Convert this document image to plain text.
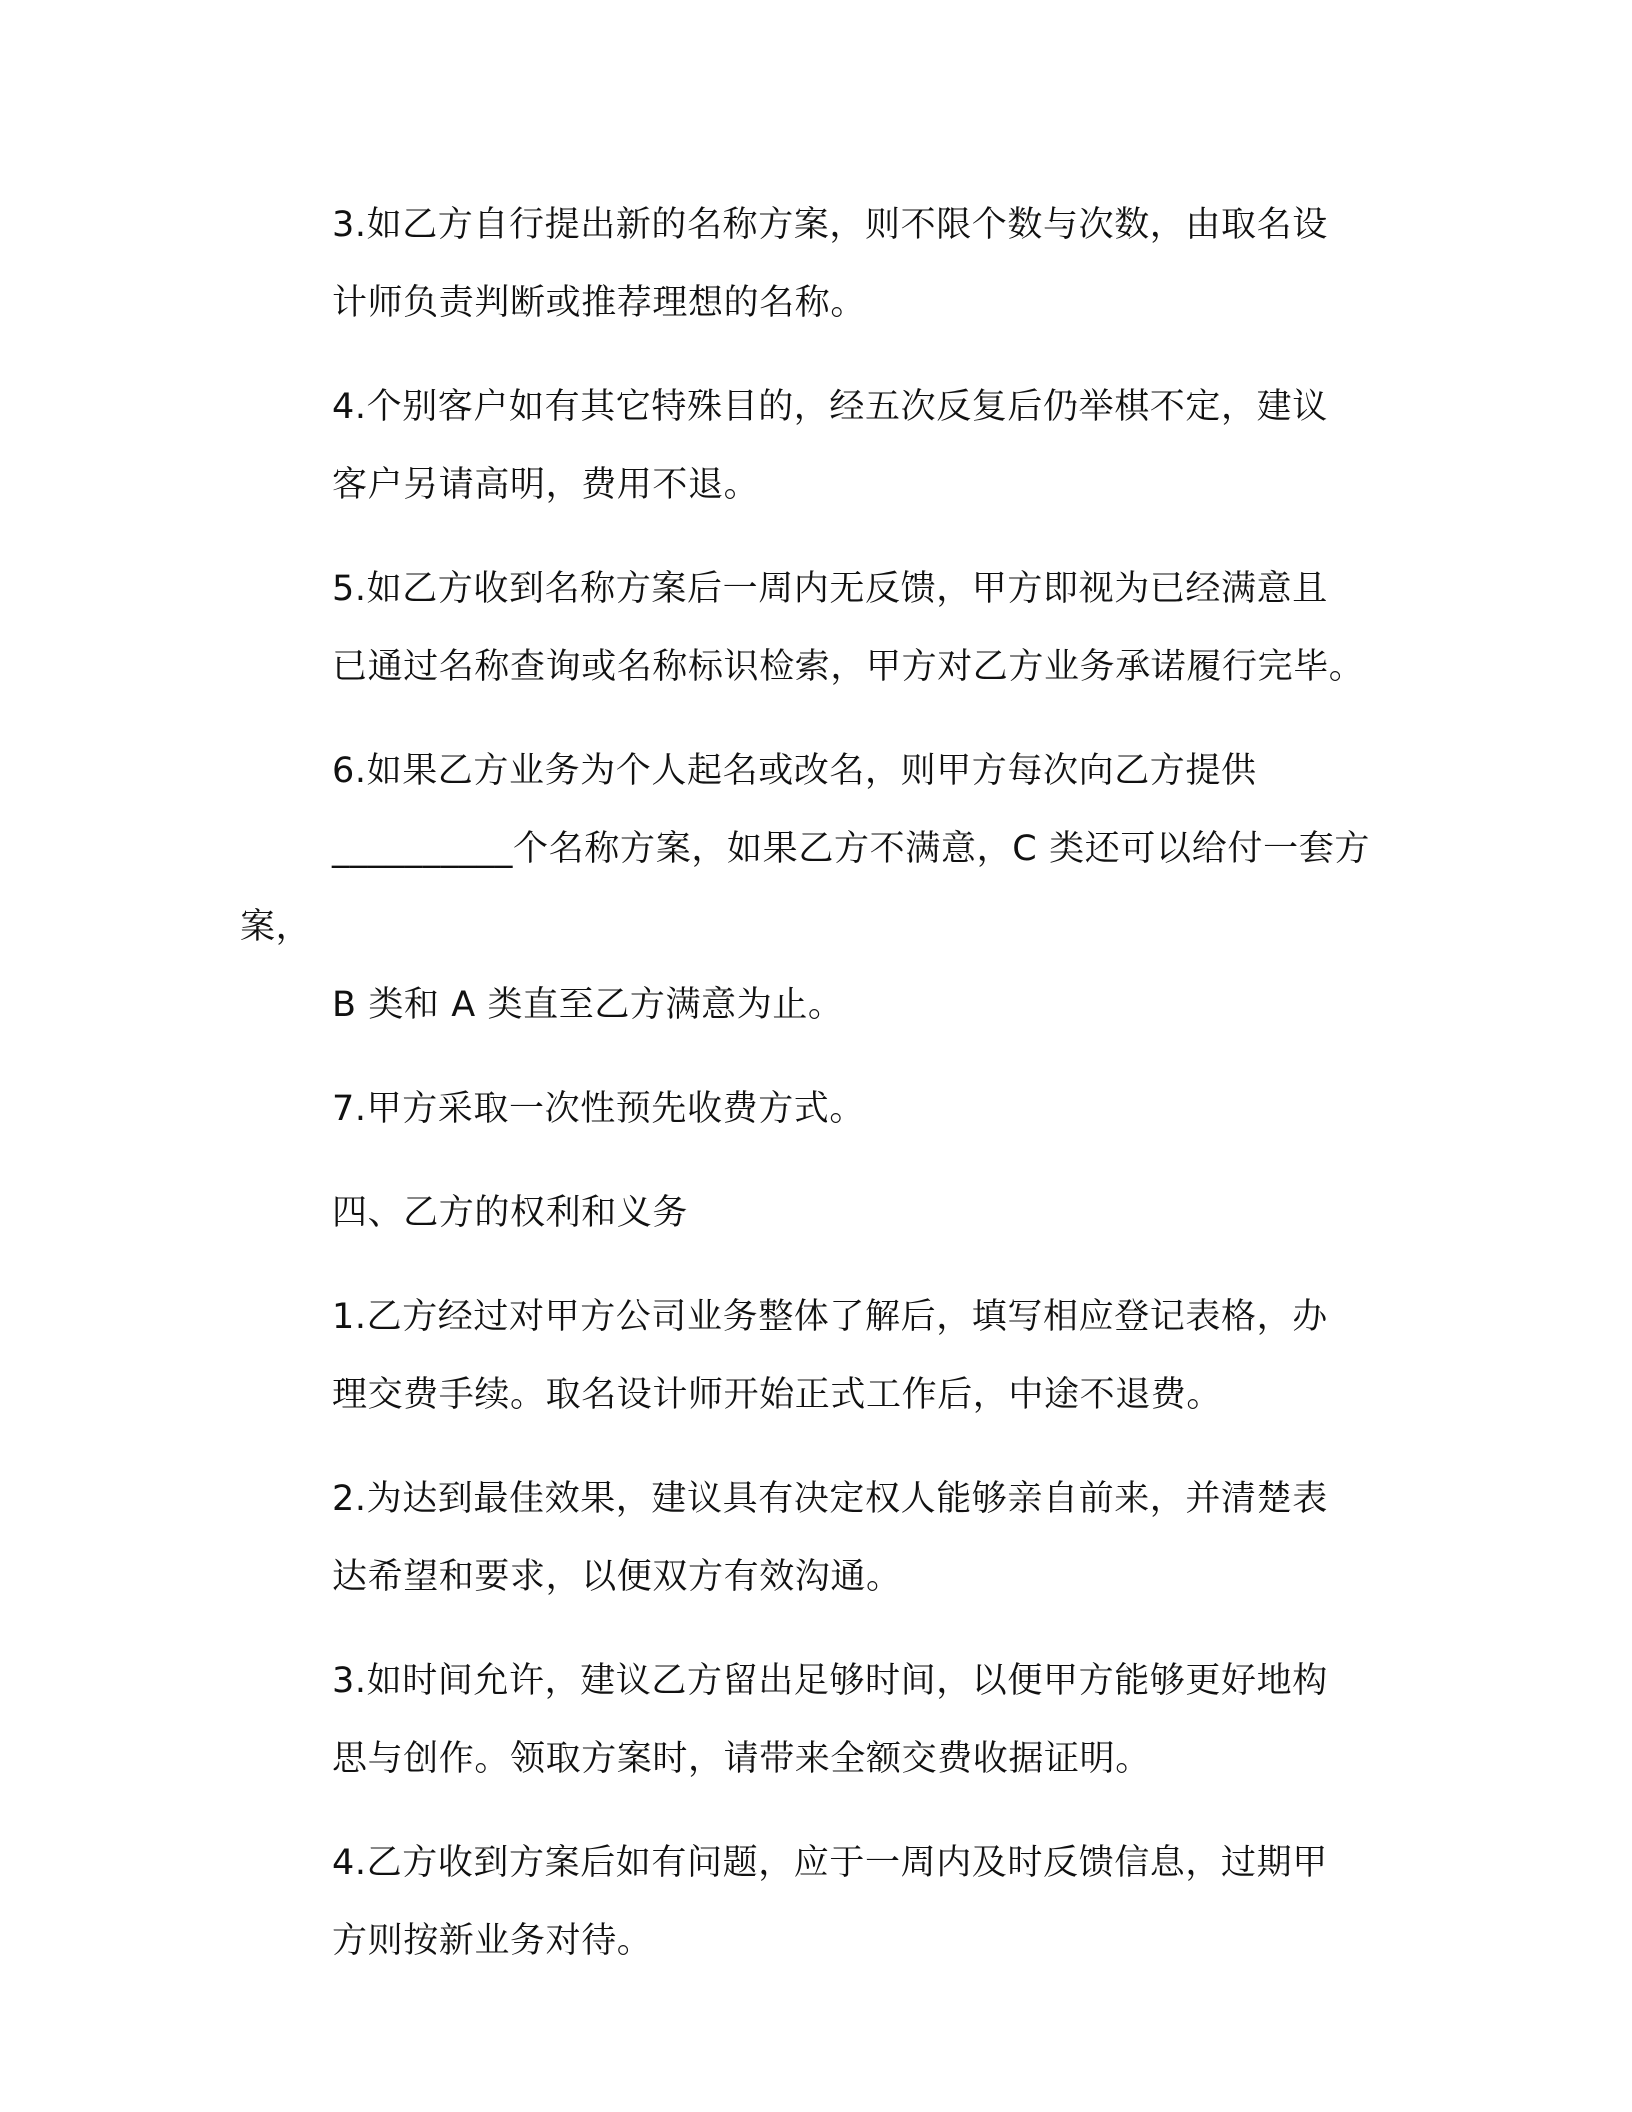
3.如乙方自行提出新的名称方案，则不限个数与次数，由取名设
计师负责判断或推荐理想的名称。

4.个别客户如有其它特殊目的，经五次反复后仍举棋不定，建议
客户另请高明，费用不退。

5.如乙方收到名称方案后一周内无反馈，甲方即视为已经满意且
已通过名称查询或名称标识检索，甲方对乙方业务承诺履行完毕。

6.如果乙方业务为个人起名或改名，则甲方每次向乙方提供
__________个名称方案，如果乙方不满意，C 类还可以给付一套方案，
B 类和 A 类直至乙方满意为止。

7.甲方采取一次性预先收费方式。

四、乙方的权利和义务

1.乙方经过对甲方公司业务整体了解后，填写相应登记表格，办
理交费手续。取名设计师开始正式工作后，中途不退费。

2.为达到最佳效果，建议具有决定权人能够亲自前来，并清楚表
达希望和要求，以便双方有效沟通。

3.如时间允许，建议乙方留出足够时间，以便甲方能够更好地构
思与创作。领取方案时，请带来全额交费收据证明。

4.乙方收到方案后如有问题，应于一周内及时反馈信息，过期甲
方则按新业务对待。
